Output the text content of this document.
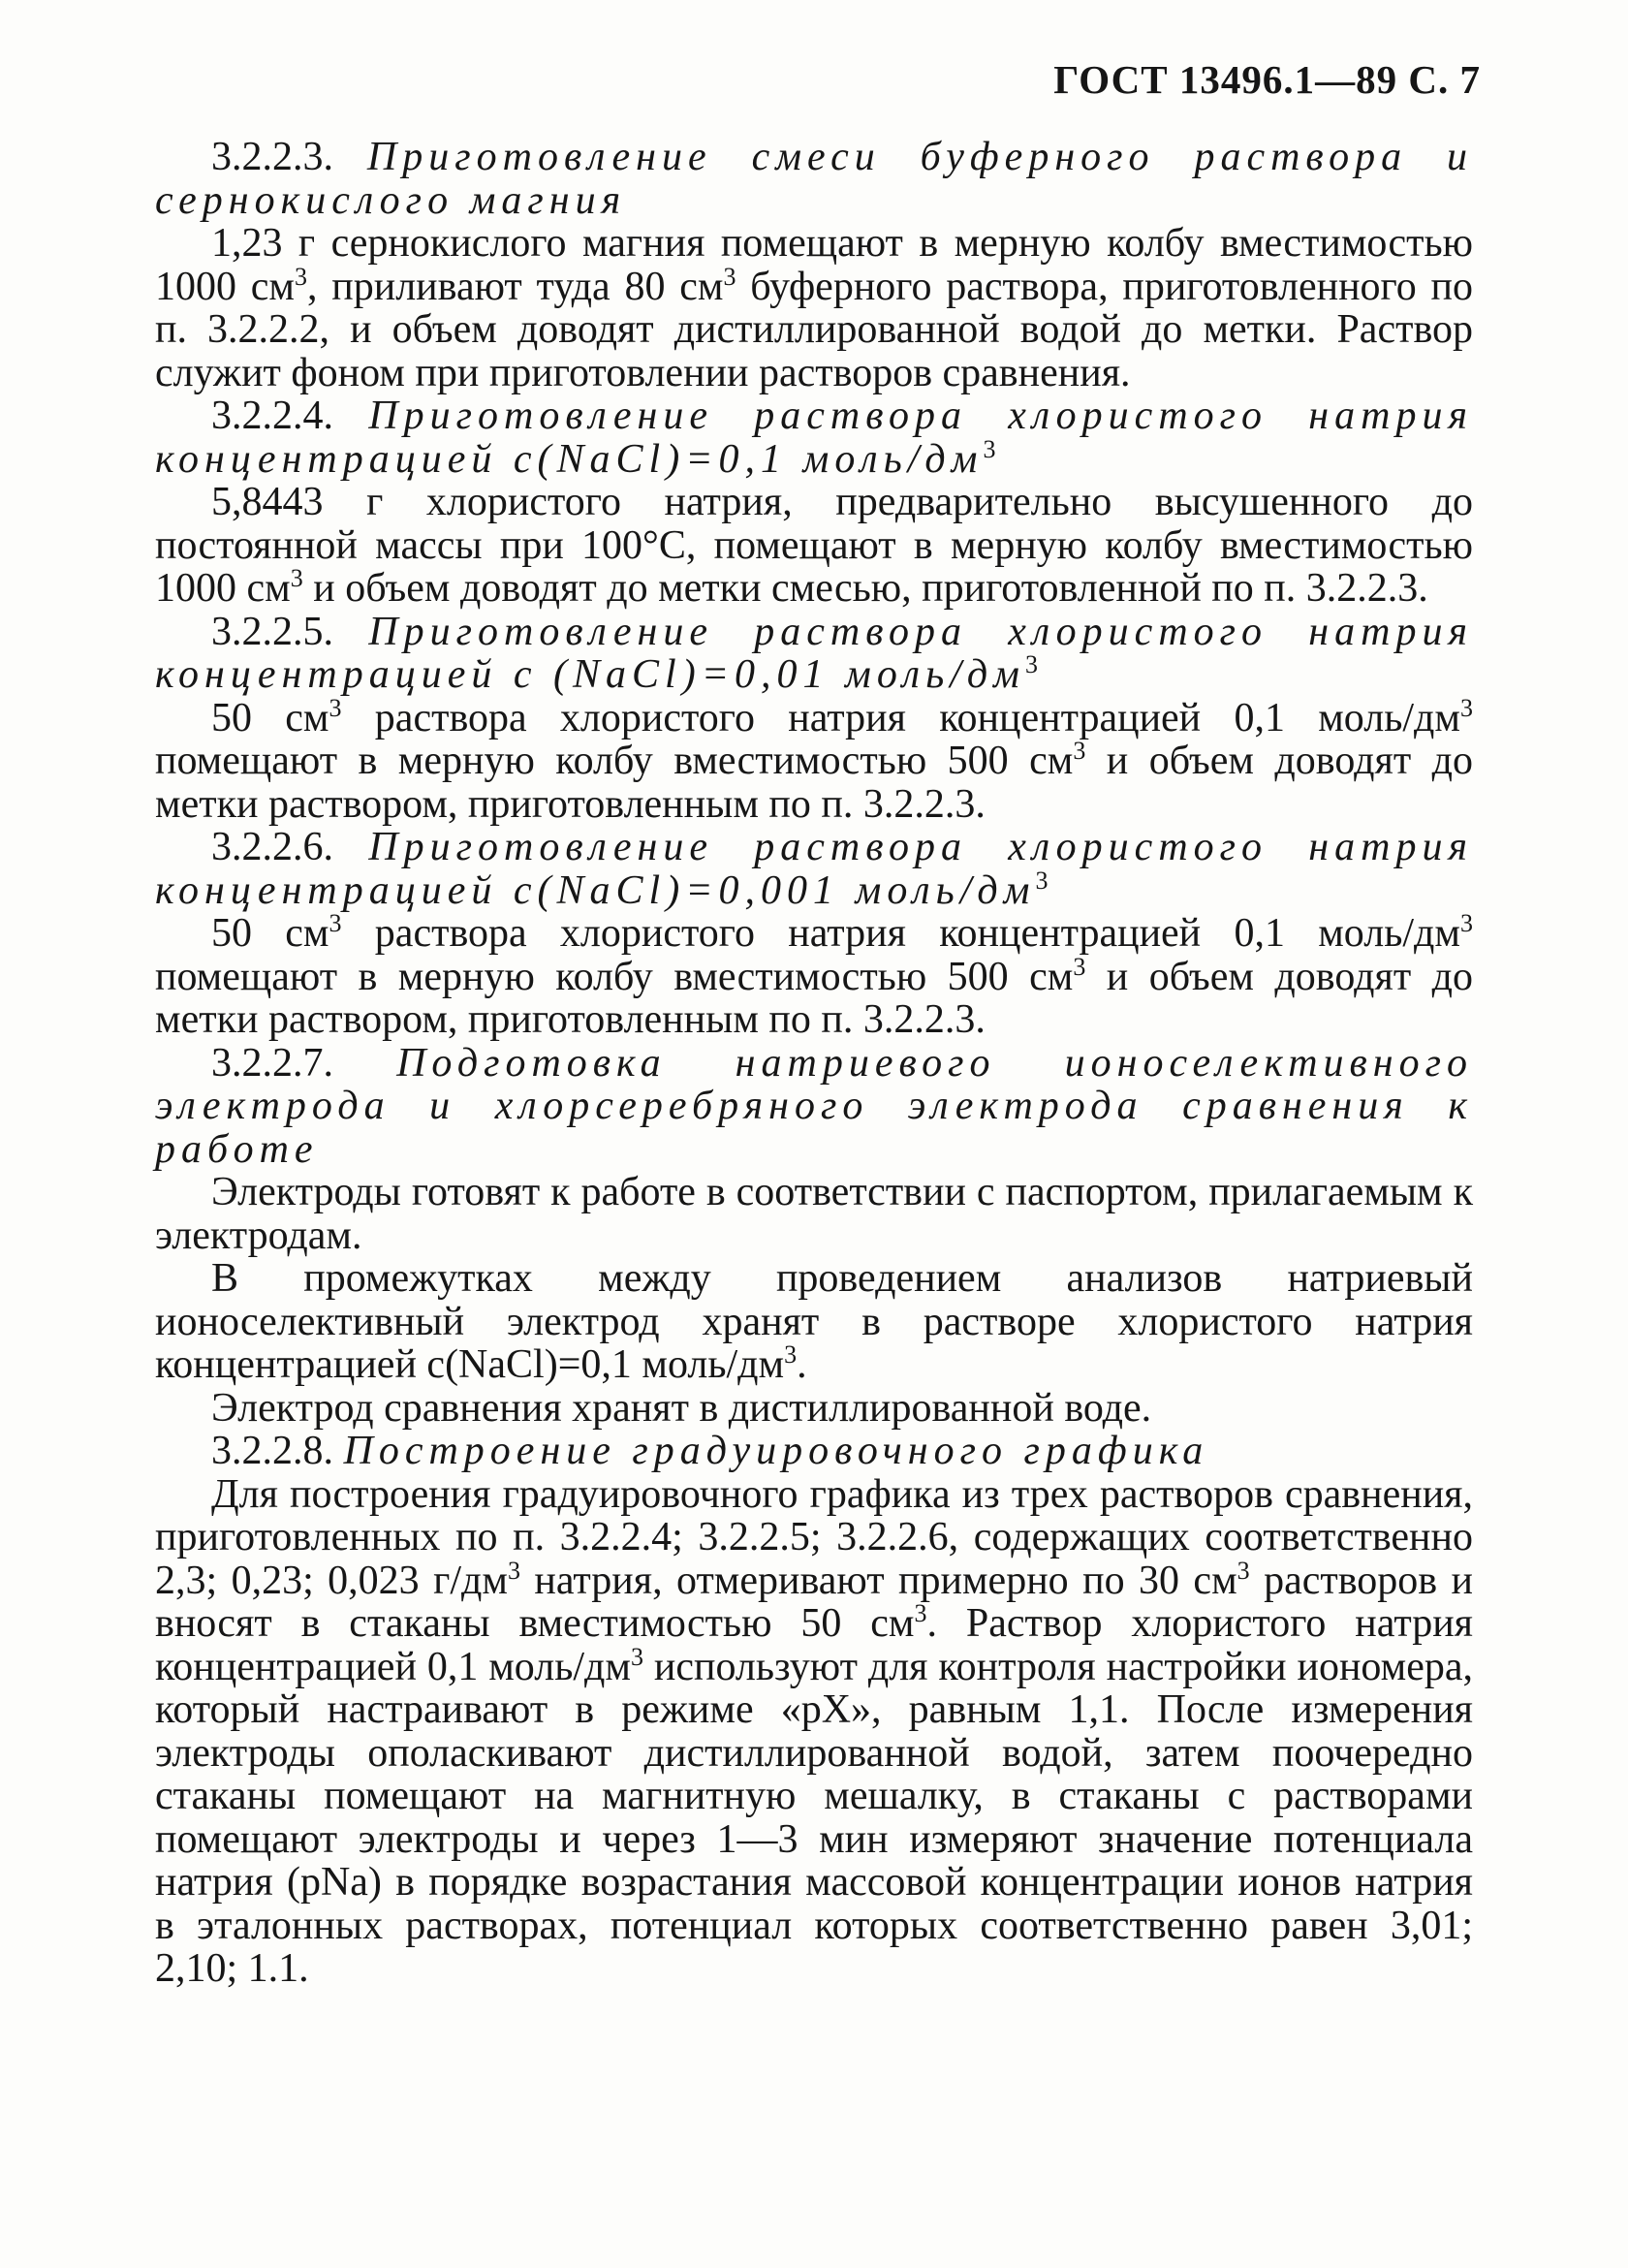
ГОСТ 13496.1—89 С. 7

3.2.2.3. Приготовление смеси буферного раствора и сернокислого магния

1,23 г сернокислого магния помещают в мерную колбу вместимостью 1000 $см^3$, приливают туда 80 $см^3$ буферного раствора, приготовленного по п. 3.2.2.2, и объем доводят дистиллированной водой до метки. Раствор служит фоном при приготовлении растворов сравнения.

3.2.2.4. Приготовление раствора хлористого натрия концентрацией c(NaCl)=0,1 моль/$дм^3$

5,8443 г хлористого натрия, предварительно высушенного до постоянной массы при 100°С, помещают в мерную колбу вместимостью 1000 $см^3$ и объем доводят до метки смесью, приготовленной по п. 3.2.2.3.

3.2.2.5. Приготовление раствора хлористого натрия концентрацией c (NaCl)=0,01 моль/$дм^3$

50 $см^3$ раствора хлористого натрия концентрацией 0,1 моль/$дм^3$ помещают в мерную колбу вместимостью 500 $см^3$ и объем доводят до метки раствором, приготовленным по п. 3.2.2.3.

3.2.2.6. Приготовление раствора хлористого натрия концентрацией c(NaCl)=0,001 моль/$дм^3$

50 $см^3$ раствора хлористого натрия концентрацией 0,1 моль/$дм^3$ помещают в мерную колбу вместимостью 500 $см^3$ и объем доводят до метки раствором, приготовленным по п. 3.2.2.3.

3.2.2.7. Подготовка натриевого ионоселективного электрода и хлорсеребряного электрода сравнения к работе

Электроды готовят к работе в соответствии с паспортом, прилагаемым к электродам.

В промежутках между проведением анализов натриевый ионоселективный электрод хранят в растворе хлористого натрия концентрацией с(NaCl)=0,1 моль/$дм^3$.

Электрод сравнения хранят в дистиллированной воде.

3.2.2.8. Построение градуировочного графика

Для построения градуировочного графика из трех растворов сравнения, приготовленных по п. 3.2.2.4; 3.2.2.5; 3.2.2.6, содержащих соответственно 2,3; 0,23; 0,023 $г/дм^3$ натрия, отмеривают примерно по 30 $см^3$ растворов и вносят в стаканы вместимостью 50 $см^3$. Раствор хлористого натрия концентрацией 0,1 моль/$дм^3$ используют для контроля настройки иономера, который настраивают в режиме «рХ», равным 1,1. После измерения электроды ополаскивают дистиллированной водой, затем поочередно стаканы помещают на магнитную мешалку, в стаканы с растворами помещают электроды и через 1—3 мин измеряют значение потенциала натрия (pNa) в порядке возрастания массовой концентрации ионов натрия в эталонных растворах, потенциал которых соответственно равен 3,01; 2,10; 1.1.
